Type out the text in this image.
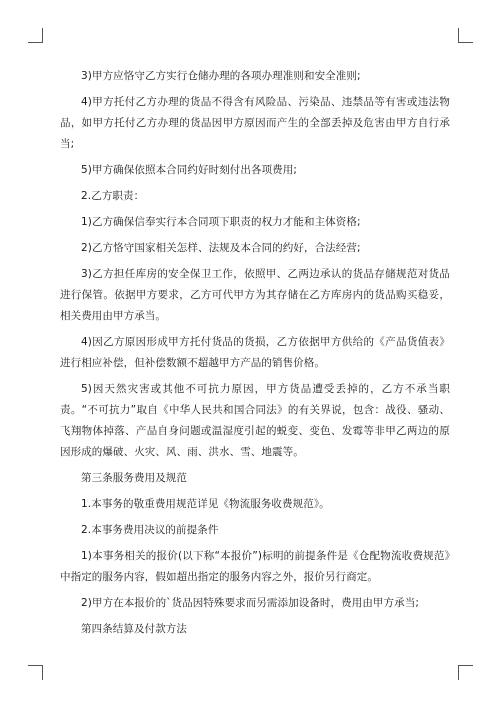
3)甲方应恪守乙方实行仓储办理的各项办理准则和安全准则;

4)甲方托付乙方办理的货品不得含有风险品、污染品、违禁品等有害或违法物品，如甲方托付乙方办理的货品因甲方原因而产生的全部丢掉及危害由甲方自行承当;

5)甲方确保依照本合同约好时刻付出各项费用;

2.乙方职责：

1)乙方确保信奉实行本合同项下职责的权力才能和主体资格;

2)乙方恪守国家相关怎样、法规及本合同的约好，合法经营;

3)乙方担任库房的安全保卫工作，依照甲、乙两边承认的货品存储规范对货品进行保管。依据甲方要求，乙方可代甲方为其存储在乙方库房内的货品购买稳妥，相关费用由甲方承当。

4)因乙方原因形成甲方托付货品的货损，乙方依据甲方供给的《产品货值表》进行相应补偿，但补偿数额不超越甲方产品的销售价格。

5)因天然灾害或其他不可抗力原因，甲方货品遭受丢掉的，乙方不承当职责。“不可抗力”取自《中华人民共和国合同法》的有关界说，包含：战役、骚动、飞翔物体掉落、产品自身问题或温湿度引起的蜕变、变色、发霉等非甲乙两边的原因形成的爆破、火灾、风、雨、洪水、雪、地震等。

第三条服务费用及规范

1.本事务的敬重费用规范详见《物流服务收费规范》。

2.本事务费用决议的前提条件

1)本事务相关的报价(以下称“本报价”)标明的前提条件是《仓配物流收费规范》中指定的服务内容，假如超出指定的服务内容之外，报价另行商定。

2)甲方在本报价的`货品因特殊要求而另需添加设备时，费用由甲方承当;

第四条结算及付款方法
